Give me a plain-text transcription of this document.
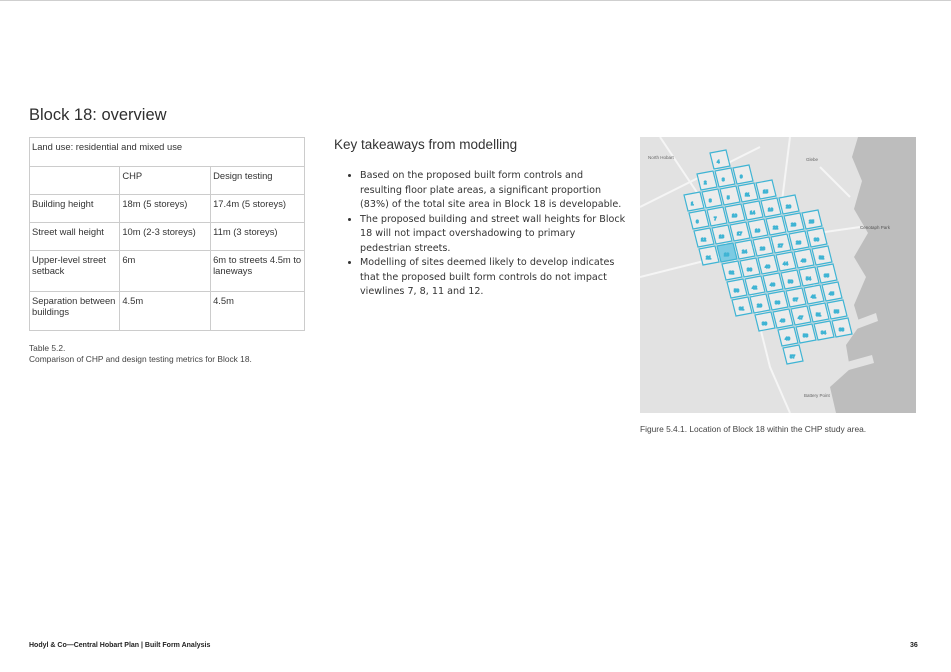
Block 18: overview
Land use: residential and mixed use		
	CHP	Design testing
Building height	18m (5 storeys)	17.4m (5 storeys)
Street wall height	10m (2-3 storeys)	11m (3 storeys)
Upper-level street setback	6m	6m to streets 4.5m to laneways
Separation between buildings	4.5m	4.5m
Table 5.2.
Comparison of CHP and design testing metrics for Block 18.
Key takeaways from modelling
• Based on the proposed built form controls and resulting floor plate areas, a significant proportion (83%) of the total site area in Block 18 is developable.
• The proposed building and street wall heights for Block 18 will not impact overshadowing to primary pedestrian streets.
• Modelling of sites deemed likely to develop indicates that the proposed built form controls do not impact viewlines 7, 8, 11 and 12.
4
2
3
9
1
8
5
11
15
6
7
10
14
16
20
12
13
17
19
22
26
25
21
18
24
23
27
28
30
32
36
40
44
48
52
56
42
46
50
54
35
31
29
33
37
41
45
39
43
47
51
55
49
53
34
38
57
North Hobart	Glebe
Cenotaph Park
Battery Point
Figure 5.4.1. Location of Block 18 within the CHP study area.
Hodyl & Co—Central Hobart Plan | Built Form Analysis	36
